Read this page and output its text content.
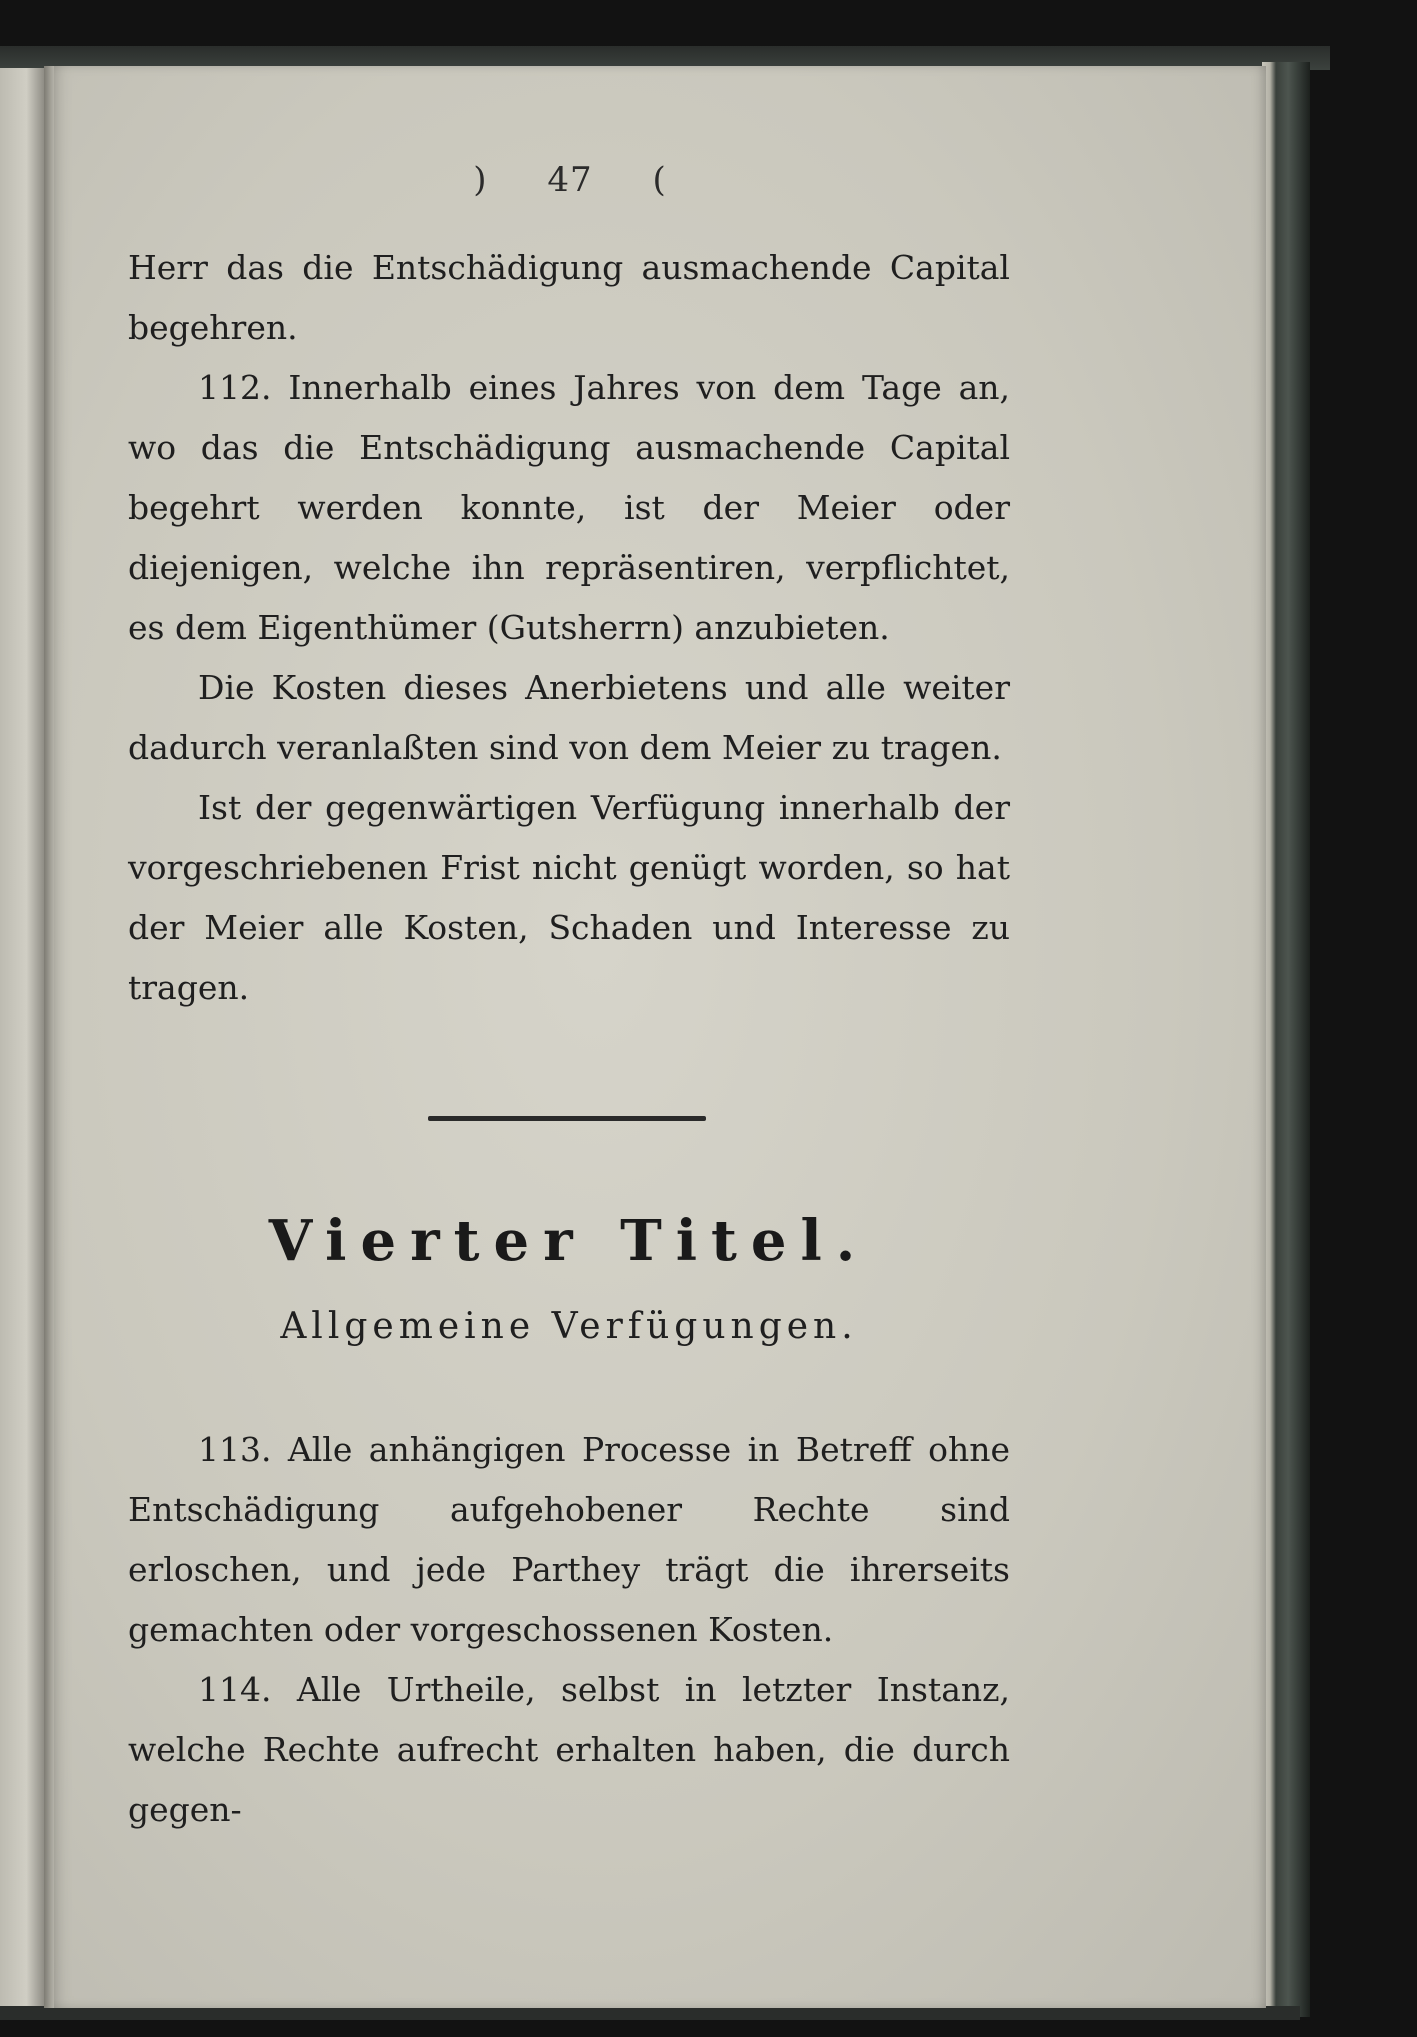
) 47 (

Herr das die Entschädigung ausmachende Capital begehren.

112. Innerhalb eines Jahres von dem Tage an, wo das die Entschädigung ausmachende Capital begehrt werden konnte, ist der Meier oder diejenigen, welche ihn repräsentiren, verpflichtet, es dem Eigenthümer (Gutsherrn) anzubieten.

Die Kosten dieses Anerbietens und alle weiter dadurch veranlaßten sind von dem Meier zu tragen.

Ist der gegenwärtigen Verfügung innerhalb der vorgeschriebenen Frist nicht genügt worden, so hat der Meier alle Kosten, Schaden und Interesse zu tragen.

Vierter Titel.
Allgemeine Verfügungen.

113. Alle anhängigen Processe in Betreff ohne Entschädigung aufgehobener Rechte sind erloschen, und jede Parthey trägt die ihrerseits gemachten oder vorgeschossenen Kosten.

114. Alle Urtheile, selbst in letzter Instanz, welche Rechte aufrecht erhalten haben, die durch gegen-
